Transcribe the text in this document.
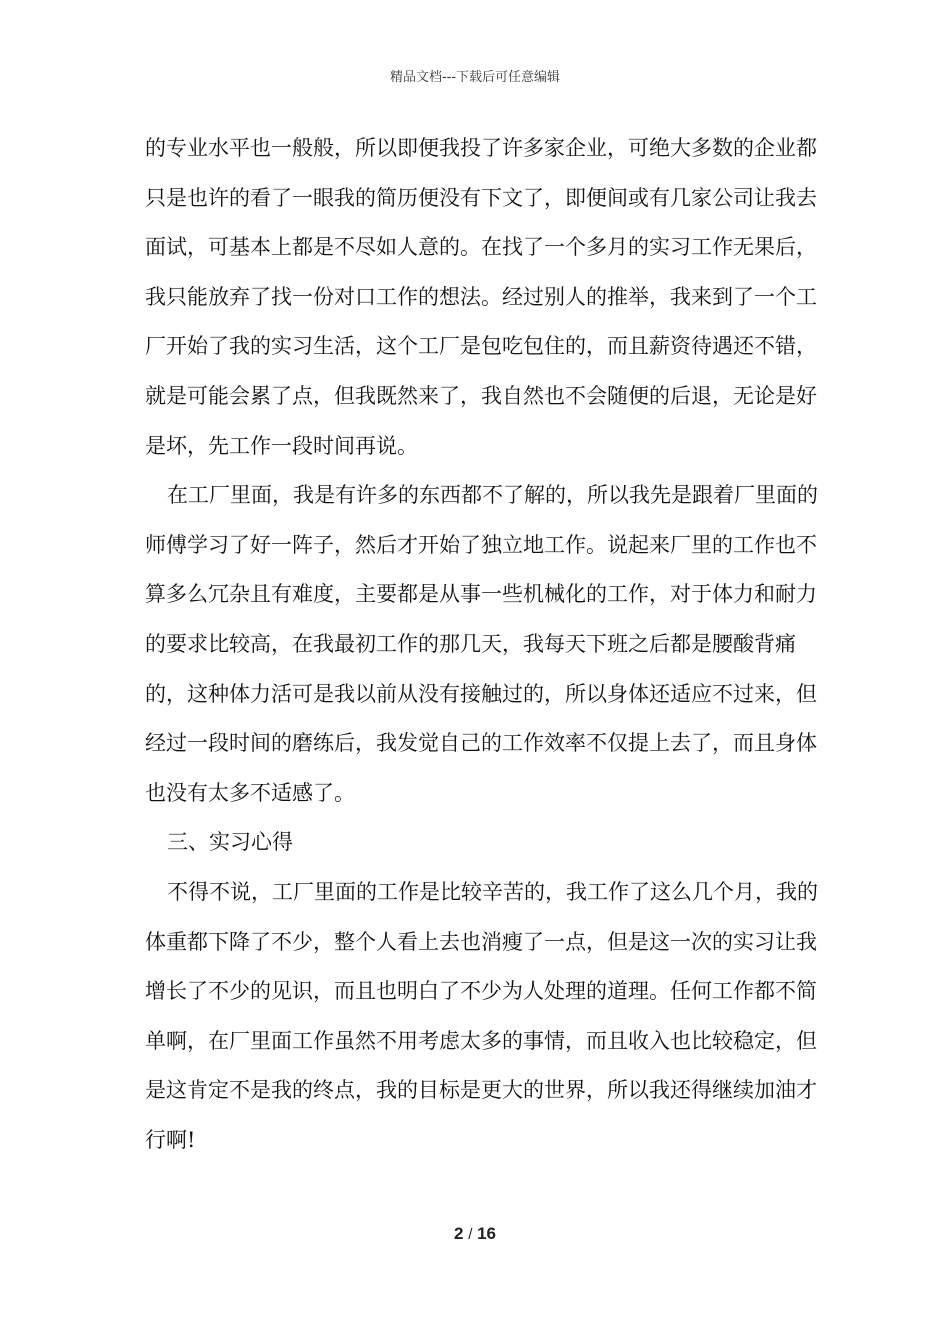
精品文档---下载后可任意编辑

的专业水平也一般般，所以即便我投了许多家企业，可绝大多数的企业都只是也许的看了一眼我的简历便没有下文了，即便间或有几家公司让我去面试，可基本上都是不尽如人意的。在找了一个多月的实习工作无果后，我只能放弃了找一份对口工作的想法。经过别人的推举，我来到了一个工厂开始了我的实习生活，这个工厂是包吃包住的，而且薪资待遇还不错，就是可能会累了点，但我既然来了，我自然也不会随便的后退，无论是好是坏，先工作一段时间再说。

在工厂里面，我是有许多的东西都不了解的，所以我先是跟着厂里面的师傅学习了好一阵子，然后才开始了独立地工作。说起来厂里的工作也不算多么冗杂且有难度，主要都是从事一些机械化的工作，对于体力和耐力的要求比较高，在我最初工作的那几天，我每天下班之后都是腰酸背痛的，这种体力活可是我以前从没有接触过的，所以身体还适应不过来，但经过一段时间的磨练后，我发觉自己的工作效率不仅提上去了，而且身体也没有太多不适感了。

三、实习心得

不得不说，工厂里面的工作是比较辛苦的，我工作了这么几个月，我的体重都下降了不少，整个人看上去也消瘦了一点，但是这一次的实习让我增长了不少的见识，而且也明白了不少为人处理的道理。任何工作都不简单啊，在厂里面工作虽然不用考虑太多的事情，而且收入也比较稳定，但是这肯定不是我的终点，我的目标是更大的世界，所以我还得继续加油才行啊!

2 / 16
